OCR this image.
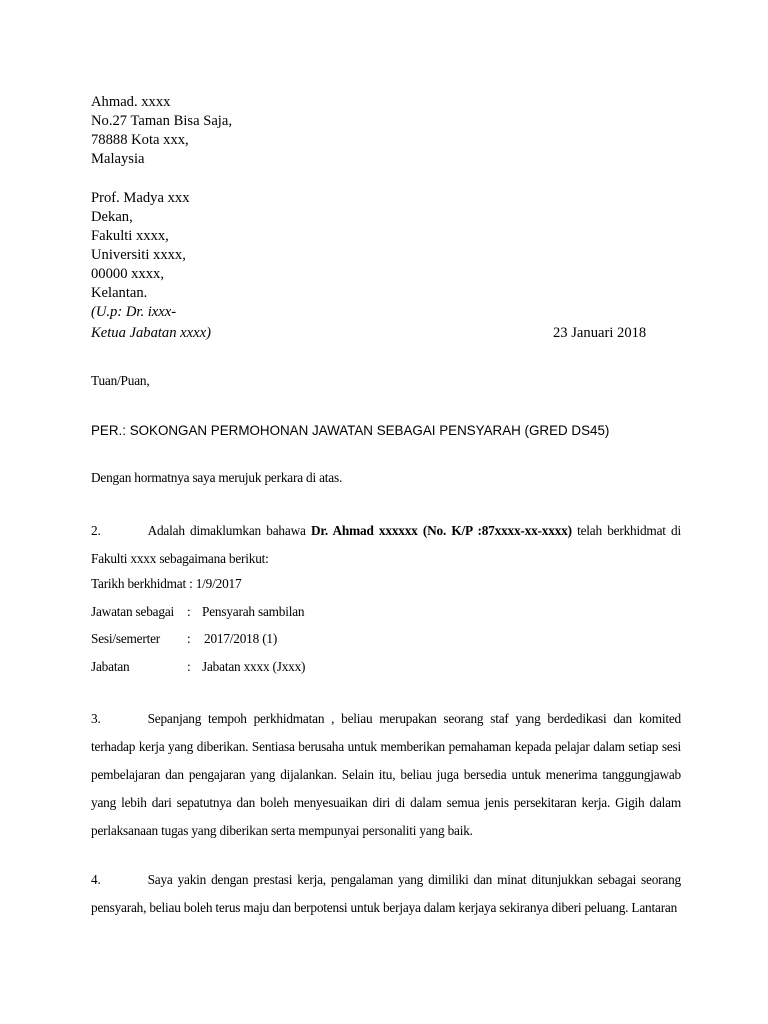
Ahmad. xxxx
No.27 Taman Bisa Saja,
78888 Kota xxx,
Malaysia
Prof. Madya xxx
Dekan,
Fakulti xxxx,
Universiti xxxx,
00000 xxxx,
Kelantan.
(U.p: Dr. ixxx-
Ketua Jabatan xxxx)	23 Januari 2018
Tuan/Puan,
PER.: SOKONGAN PERMOHONAN JAWATAN SEBAGAI PENSYARAH (GRED DS45)
Dengan hormatnya saya merujuk perkara di atas.
2.	Adalah dimaklumkan bahawa Dr. Ahmad xxxxxx (No. K/P :87xxxx-xx-xxxx) telah berkhidmat di Fakulti xxxx sebagaimana berikut:
Tarikh berkhidmat : 1/9/2017
Jawatan sebagai : Pensyarah sambilan
Sesi/semerter : 2017/2018 (1)
Jabatan	: Jabatan xxxx (Jxxx)
3.	Sepanjang tempoh perkhidmatan , beliau merupakan seorang staf yang berdedikasi dan komited terhadap kerja yang diberikan. Sentiasa berusaha untuk memberikan pemahaman kepada pelajar dalam setiap sesi pembelajaran dan pengajaran yang dijalankan. Selain itu, beliau juga bersedia untuk menerima tanggungjawab yang lebih dari sepatutnya dan boleh menyesuaikan diri di dalam semua jenis persekitaran kerja. Gigih dalam perlaksanaan tugas yang diberikan serta mempunyai personaliti yang baik.
4.	Saya yakin dengan prestasi kerja, pengalaman yang dimiliki dan minat ditunjukkan sebagai seorang pensyarah, beliau boleh terus maju dan berpotensi untuk berjaya dalam kerjaya sekiranya diberi peluang. Lantaran
